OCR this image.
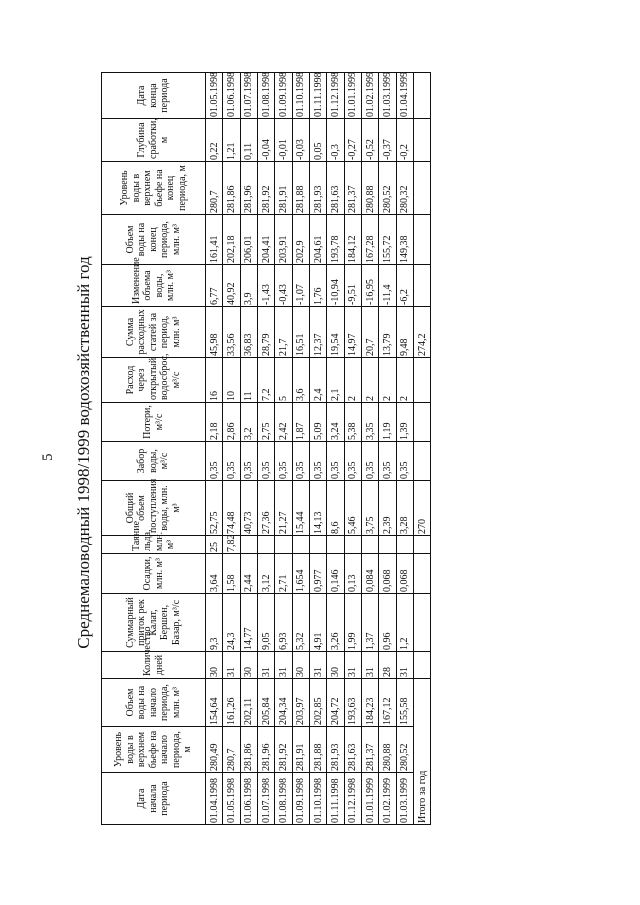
5 Среднемаловодный 1998/1999 водохозяйственный год
Дата начала периода	Уровень воды в верхнем бьефе на начало периода, м	Объем воды на начало периода, млн. м³	Количество дней	Суммарный приток рек Калат, Бершен, Базар, м³/с	Осадки, млн. м³	Таяние льда, млн. м³	Общий объем поступления воды, млн. м³	Забор воды, м³/с	Потери, м³/с	Расход через открытый водосброс, м³/с	Сумма расходных статей за период, млн. м³	Изменение объема воды, млн. м³	Объем воды на конец периода, млн. м³	Уровень воды в верхнем бьефе на конец периода, м	Глубина сработки, м	Дата конца периода
01.04.1998	280,49	154,64	30	9,3	3,64	25	52,75	0,35	2,18	16	45,98	6,77	161,41	280,7	0,22	01.05.1998
01.05.1998	280,7	161,26	31	24,3	1,58	7,82	74,48	0,35	2,86	10	33,56	40,92	202,18	281,86	1,21	01.06.1998
01.06.1998	281,86	202,11	30	14,77	2,44		40,73	0,35	3,2	11	36,83	3,9	206,01	281,96	0,11	01.07.1998
01.07.1998	281,96	205,84	31	9,05	3,12		27,36	0,35	2,75	7,2	28,79	-1,43	204,41	281,92	-0,04	01.08.1998
01.08.1998	281,92	204,34	31	6,93	2,71		21,27	0,35	2,42	5	21,7	-0,43	203,91	281,91	-0,01	01.09.1998
01.09.1998	281,91	203,97	30	5,32	1,654		15,44	0,35	1,87	3,6	16,51	-1,07	202,9	281,88	-0,03	01.10.1998
01.10.1998	281,88	202,85	31	4,91	0,977		14,13	0,35	5,09	2,4	12,37	1,76	204,61	281,93	0,05	01.11.1998
01.11.1998	281,93	204,72	30	3,26	0,146		8,6	0,35	3,24	2,1	19,54	-10,94	193,78	281,63	-0,3	01.12.1998
01.12.1998	281,63	193,63	31	1,99	0,13		5,46	0,35	5,38	2	14,97	-9,51	184,12	281,37	-0,27	01.01.1999
01.01.1999	281,37	184,23	31	1,37	0,084		3,75	0,35	3,35	2	20,7	-16,95	167,28	280,88	-0,52	01.02.1999
01.02.1999	280,88	167,12	28	0,96	0,068		2,39	0,35	1,19	2	13,79	-11,4	155,72	280,52	-0,37	01.03.1999
01.03.1999	280,52	155,58	31	1,2	0,068		3,28	0,35	1,39	2	9,48	-6,2	149,38	280,32	-0,2	01.04.1999
Итого за год							270				274,2					
